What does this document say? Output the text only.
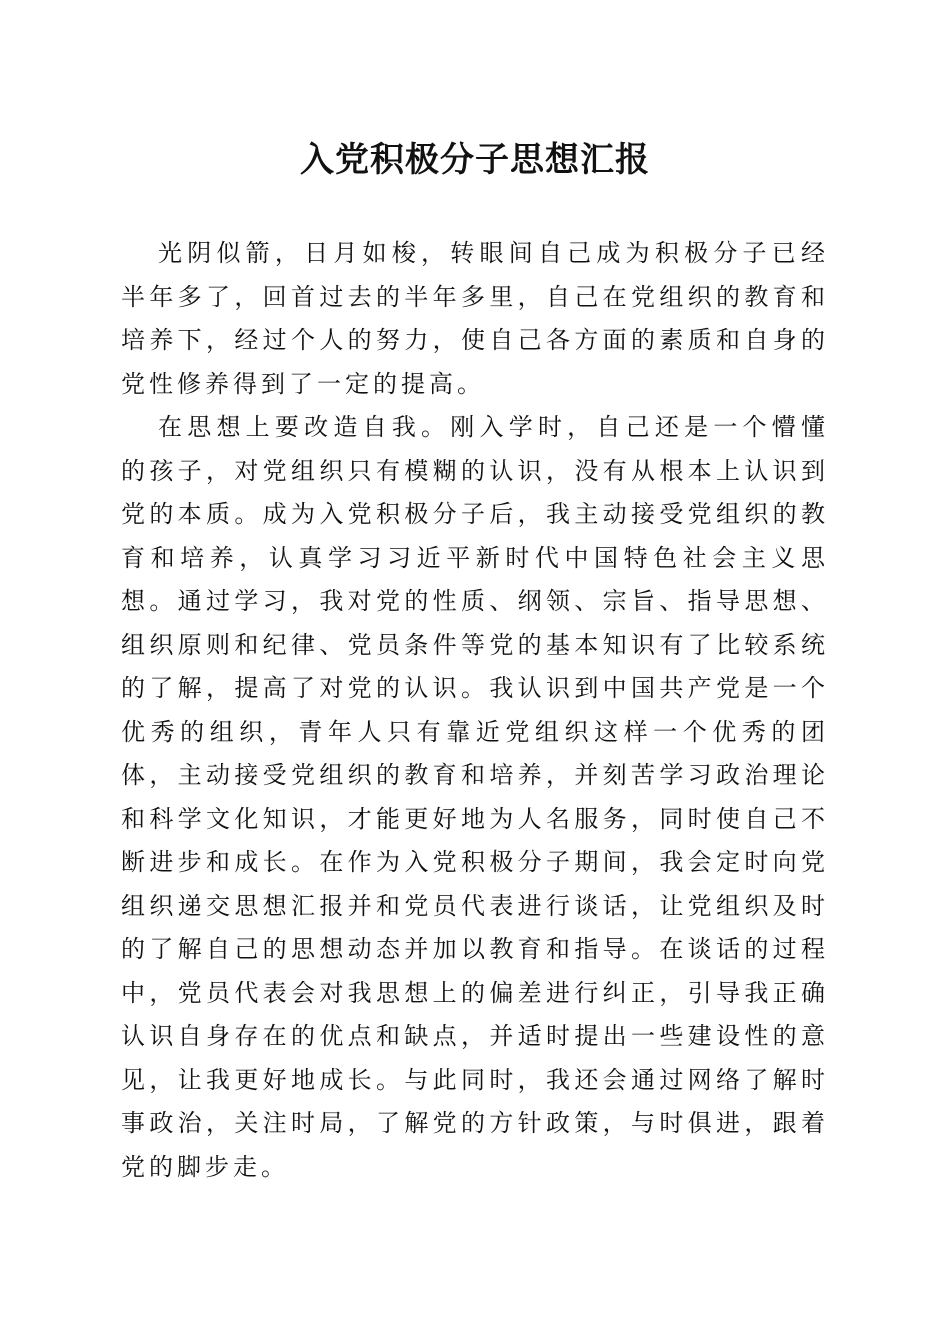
入党积极分子思想汇报

光阴似箭，日月如梭，转眼间自己成为积极分子已经半年多了，回首过去的半年多里，自己在党组织的教育和培养下，经过个人的努力，使自己各方面的素质和自身的党性修养得到了一定的提高。

在思想上要改造自我。刚入学时，自己还是一个懵懂的孩子，对党组织只有模糊的认识，没有从根本上认识到党的本质。成为入党积极分子后，我主动接受党组织的教育和培养，认真学习习近平新时代中国特色社会主义思想。通过学习，我对党的性质、纲领、宗旨、指导思想、组织原则和纪律、党员条件等党的基本知识有了比较系统的了解，提高了对党的认识。我认识到中国共产党是一个优秀的组织，青年人只有靠近党组织这样一个优秀的团体，主动接受党组织的教育和培养，并刻苦学习政治理论和科学文化知识，才能更好地为人名服务，同时使自己不断进步和成长。在作为入党积极分子期间，我会定时向党组织递交思想汇报并和党员代表进行谈话，让党组织及时的了解自己的思想动态并加以教育和指导。在谈话的过程中，党员代表会对我思想上的偏差进行纠正，引导我正确认识自身存在的优点和缺点，并适时提出一些建设性的意见，让我更好地成长。与此同时，我还会通过网络了解时事政治，关注时局，了解党的方针政策，与时俱进，跟着党的脚步走。
